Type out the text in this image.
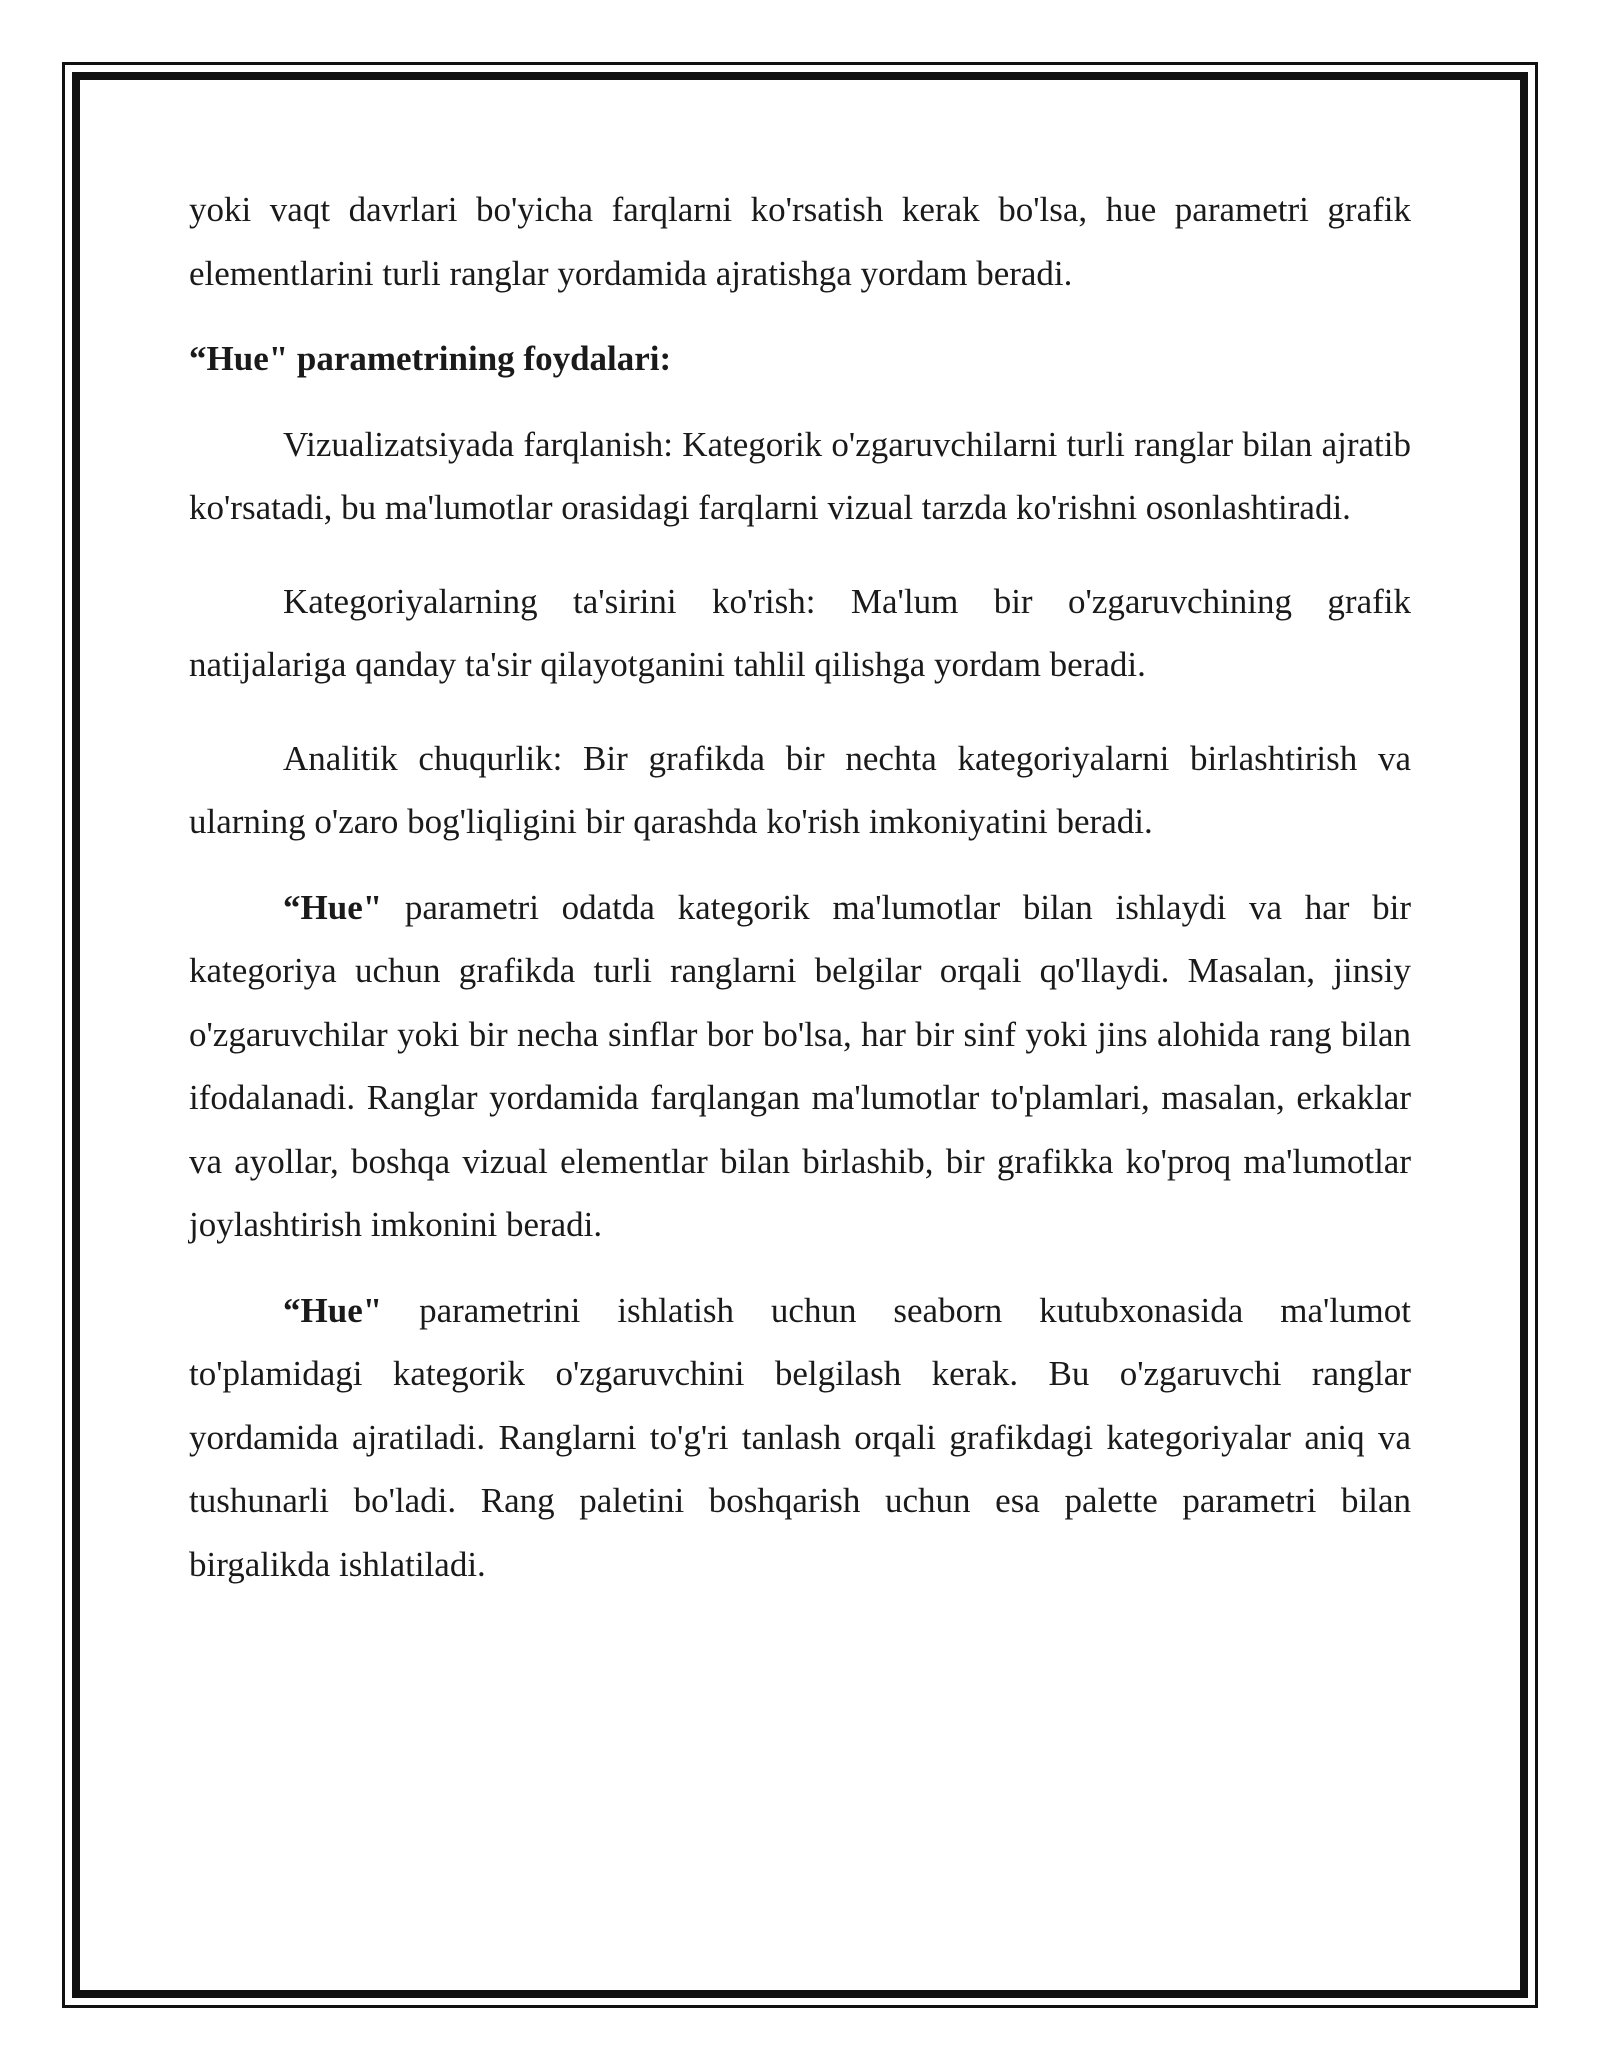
yoki vaqt davrlari bo'yicha farqlarni ko'rsatish kerak bo'lsa, hue parametri grafik elementlarini turli ranglar yordamida ajratishga yordam beradi.

“Hue" parametrining foydalari:

Vizualizatsiyada farqlanish: Kategorik o'zgaruvchilarni turli ranglar bilan ajratib ko'rsatadi, bu ma'lumotlar orasidagi farqlarni vizual tarzda ko'rishni osonlashtiradi.

Kategoriyalarning ta'sirini ko'rish: Ma'lum bir o'zgaruvchining grafik natijalariga qanday ta'sir qilayotganini tahlil qilishga yordam beradi.

Analitik chuqurlik: Bir grafikda bir nechta kategoriyalarni birlashtirish va ularning o'zaro bog'liqligini bir qarashda ko'rish imkoniyatini beradi.

“Hue" parametri odatda kategorik ma'lumotlar bilan ishlaydi va har bir kategoriya uchun grafikda turli ranglarni belgilar orqali qo'llaydi. Masalan, jinsiy o'zgaruvchilar yoki bir necha sinflar bor bo'lsa, har bir sinf yoki jins alohida rang bilan ifodalanadi. Ranglar yordamida farqlangan ma'lumotlar to'plamlari, masalan, erkaklar va ayollar, boshqa vizual elementlar bilan birlashib, bir grafikka ko'proq ma'lumotlar joylashtirish imkonini beradi.

“Hue" parametrini ishlatish uchun seaborn kutubxonasida ma'lumot to'plamidagi kategorik o'zgaruvchini belgilash kerak. Bu o'zgaruvchi ranglar yordamida ajratiladi. Ranglarni to'g'ri tanlash orqali grafikdagi kategoriyalar aniq va tushunarli bo'ladi. Rang paletini boshqarish uchun esa palette parametri bilan birgalikda ishlatiladi.
